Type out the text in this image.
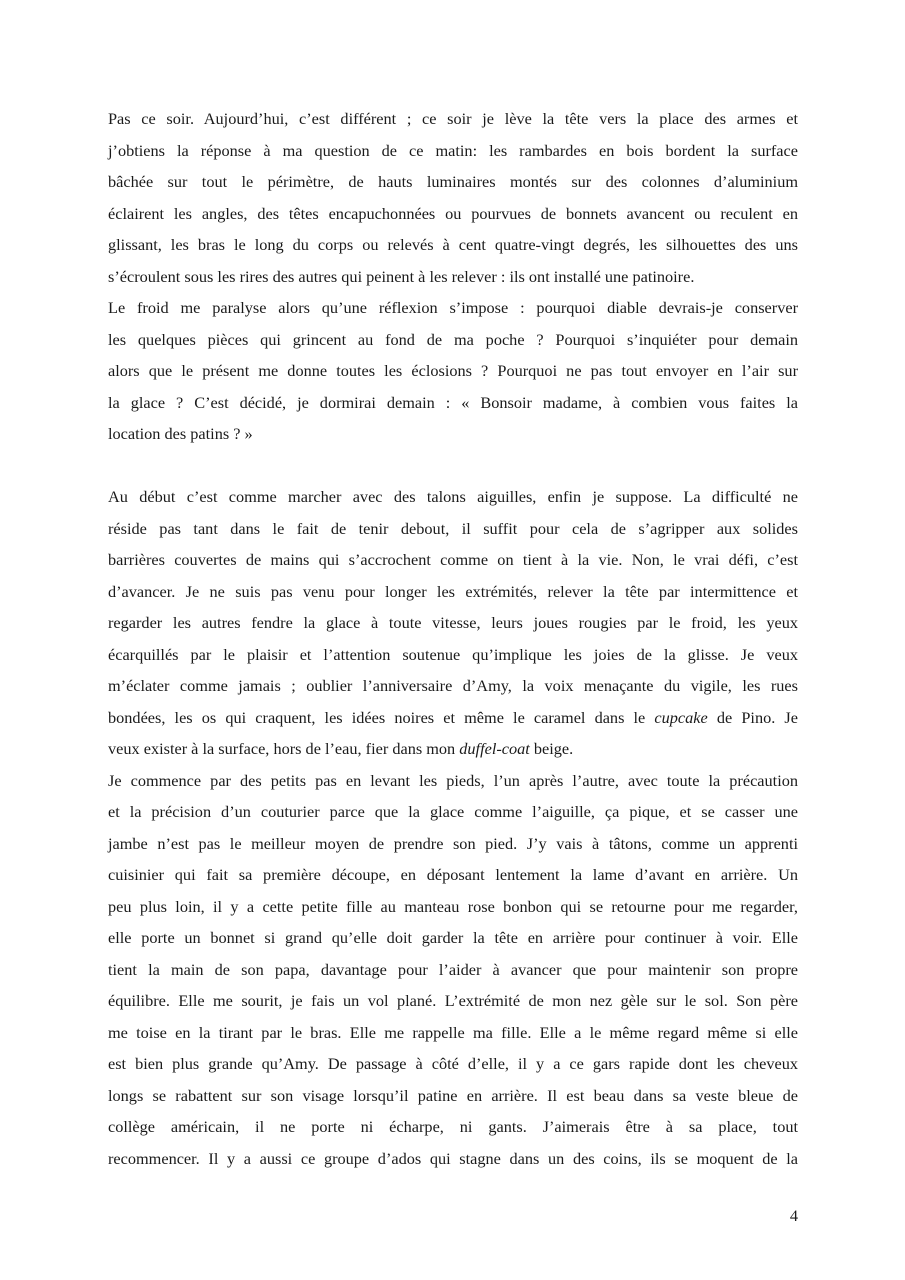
Pas ce soir. Aujourd’hui, c’est différent ; ce soir je lève la tête vers la place des armes et
j’obtiens la réponse à ma question de ce matin: les rambardes en bois bordent la surface
bâchée sur tout le périmètre, de hauts luminaires montés sur des colonnes d’aluminium
éclairent les angles, des têtes encapuchonnées ou pourvues de bonnets avancent ou reculent en
glissant, les bras le long du corps ou relevés à cent quatre-vingt degrés, les silhouettes des uns
s’écroulent sous les rires des autres qui peinent à les relever : ils ont installé une patinoire.
Le froid me paralyse alors qu’une réflexion s’impose : pourquoi diable devrais-je conserver
les quelques pièces qui grincent au fond de ma poche ? Pourquoi s’inquiéter pour demain
alors que le présent me donne toutes les éclosions ? Pourquoi ne pas tout envoyer en l’air sur
la glace ? C’est décidé, je dormirai demain : « Bonsoir madame, à combien vous faites la
location des patins ? »
Au début c’est comme marcher avec des talons aiguilles, enfin je suppose. La difficulté ne
réside pas tant dans le fait de tenir debout, il suffit pour cela de s’agripper aux solides
barrières couvertes de mains qui s’accrochent comme on tient à la vie. Non, le vrai défi, c’est
d’avancer. Je ne suis pas venu pour longer les extrémités, relever la tête par intermittence et
regarder les autres fendre la glace à toute vitesse, leurs joues rougies par le froid, les yeux
écarquillés par le plaisir et l’attention soutenue qu’implique les joies de la glisse. Je veux
m’éclater comme jamais ; oublier l’anniversaire d’Amy, la voix menaçante du vigile, les rues
bondées, les os qui craquent, les idées noires et même le caramel dans le cupcake de Pino. Je
veux exister à la surface, hors de l’eau, fier dans mon duffel-coat beige.
Je commence par des petits pas en levant les pieds, l’un après l’autre, avec toute la précaution
et la précision d’un couturier parce que la glace comme l’aiguille, ça pique, et se casser une
jambe n’est pas le meilleur moyen de prendre son pied. J’y vais à tâtons, comme un apprenti
cuisinier qui fait sa première découpe, en déposant lentement la lame d’avant en arrière. Un
peu plus loin, il y a cette petite fille au manteau rose bonbon qui se retourne pour me regarder,
elle porte un bonnet si grand qu’elle doit garder la tête en arrière pour continuer à voir. Elle
tient la main de son papa, davantage pour l’aider à avancer que pour maintenir son propre
équilibre. Elle me sourit, je fais un vol plané. L’extrémité de mon nez gèle sur le sol. Son père
me toise en la tirant par le bras. Elle me rappelle ma fille. Elle a le même regard même si elle
est bien plus grande qu’Amy. De passage à côté d’elle, il y a ce gars rapide dont les cheveux
longs se rabattent sur son visage lorsqu’il patine en arrière. Il est beau dans sa veste bleue de
collège américain, il ne porte ni écharpe, ni gants. J’aimerais être à sa place, tout
recommencer. Il y a aussi ce groupe d’ados qui stagne dans un des coins, ils se moquent de la
4
